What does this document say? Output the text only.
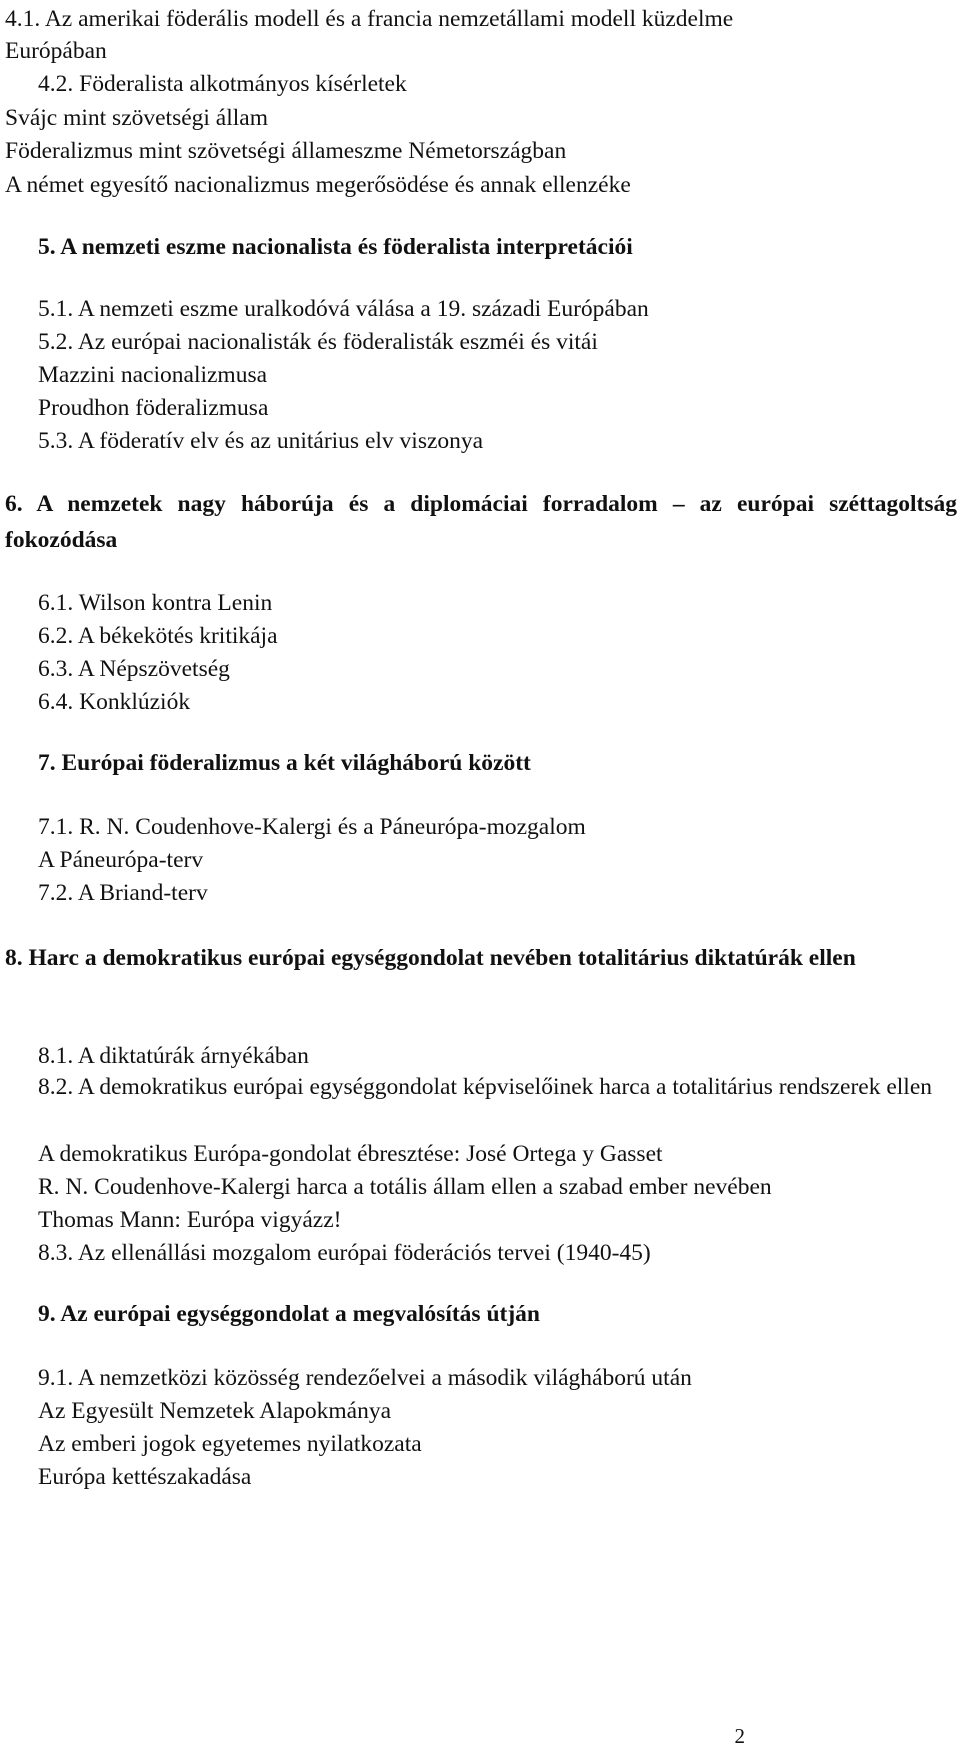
4.1. Az amerikai föderális modell és a francia nemzetállami modell küzdelme
Európában
4.2. Föderalista alkotmányos kísérletek
Svájc mint szövetségi állam
Föderalizmus mint szövetségi állameszme Németországban
A német egyesítő nacionalizmus megerősödése és annak ellenzéke
5. A nemzeti eszme nacionalista és föderalista interpretációi
5.1. A nemzeti eszme uralkodóvá válása a 19. századi Európában
5.2. Az európai nacionalisták és föderalisták eszméi és vitái
Mazzini nacionalizmusa
Proudhon föderalizmusa
5.3. A föderatív elv és az unitárius elv viszonya
6. A nemzetek nagy háborúja és a diplomáciai forradalom – az európai széttagoltság fokozódása
6.1. Wilson kontra Lenin
6.2. A békekötés kritikája
6.3. A Népszövetség
6.4. Konklúziók
7. Európai föderalizmus a két világháború között
7.1. R. N. Coudenhove-Kalergi és a Páneurópa-mozgalom
A Páneurópa-terv
7.2. A Briand-terv
8. Harc a demokratikus európai egységgondolat nevében totalitárius diktatúrák ellen
8.1. A diktatúrák árnyékában
8.2. A demokratikus európai egységgondolat képviselőinek harca a totalitárius rendszerek ellen
A demokratikus Európa-gondolat ébresztése: José Ortega y Gasset
R. N. Coudenhove-Kalergi harca a totális állam ellen a szabad ember nevében
Thomas Mann: Európa vigyázz!
8.3. Az ellenállási mozgalom európai föderációs tervei (1940-45)
9. Az európai egységgondolat a megvalósítás útján
9.1. A nemzetközi közösség rendezőelvei a második világháború után
Az Egyesült Nemzetek Alapokmánya
Az emberi jogok egyetemes nyilatkozata
Európa kettészakadása
2
